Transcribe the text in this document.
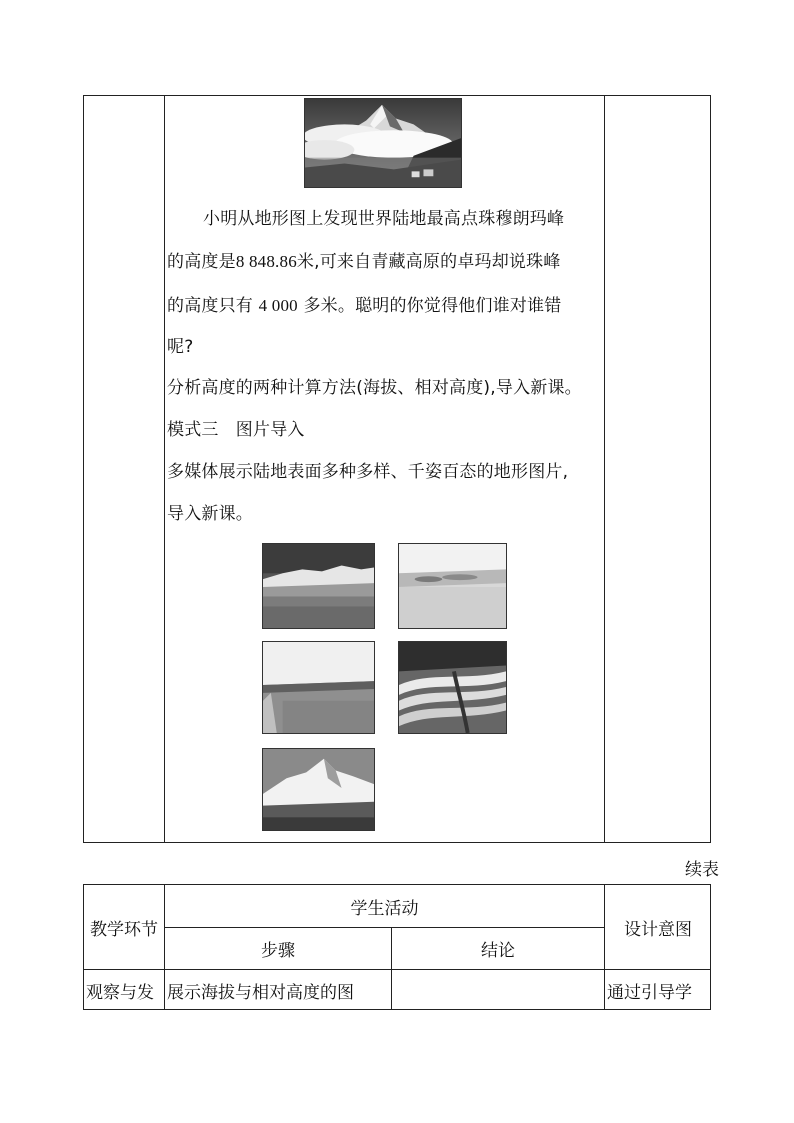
小明从地形图上发现世界陆地最高点珠穆朗玛峰
的高度是8 848.86米,可来自青藏高原的卓玛却说珠峰
的高度只有 4 000 多米。聪明的你觉得他们谁对谁错
呢?
分析高度的两种计算方法(海拔、相对高度),导入新课。
模式三　图片导入
多媒体展示陆地表面多种多样、千姿百态的地形图片,
导入新课。
续表
教学环节
学生活动
步骤	结论
设计意图
观察与发 展示海拔与相对高度的图	通过引导学
